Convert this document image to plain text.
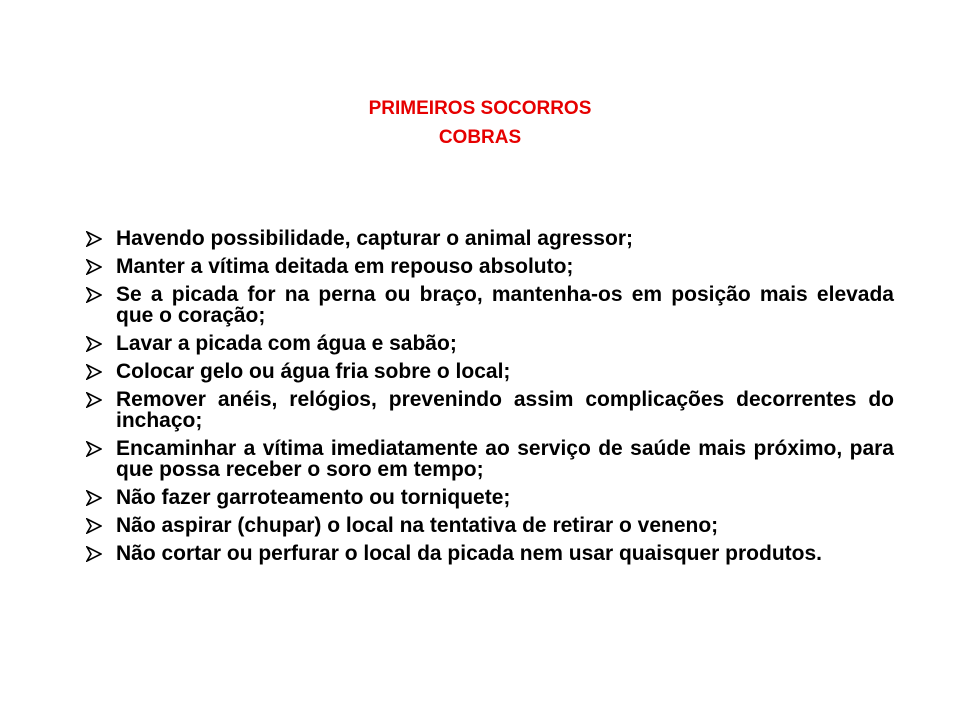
PRIMEIROS SOCORROS
COBRAS
Havendo possibilidade, capturar o animal agressor;
Manter a vítima deitada em repouso absoluto;
Se a picada for na perna ou braço, mantenha-os em posição mais elevada que o coração;
Lavar a picada com água e sabão;
Colocar gelo ou água fria sobre o local;
Remover anéis, relógios, prevenindo assim complicações decorrentes do inchaço;
Encaminhar a vítima imediatamente ao serviço de saúde mais próximo, para que possa receber o soro em tempo;
Não fazer garroteamento ou torniquete;
Não aspirar (chupar) o local na tentativa de retirar o veneno;
Não cortar ou perfurar o local da picada nem usar quaisquer produtos.
